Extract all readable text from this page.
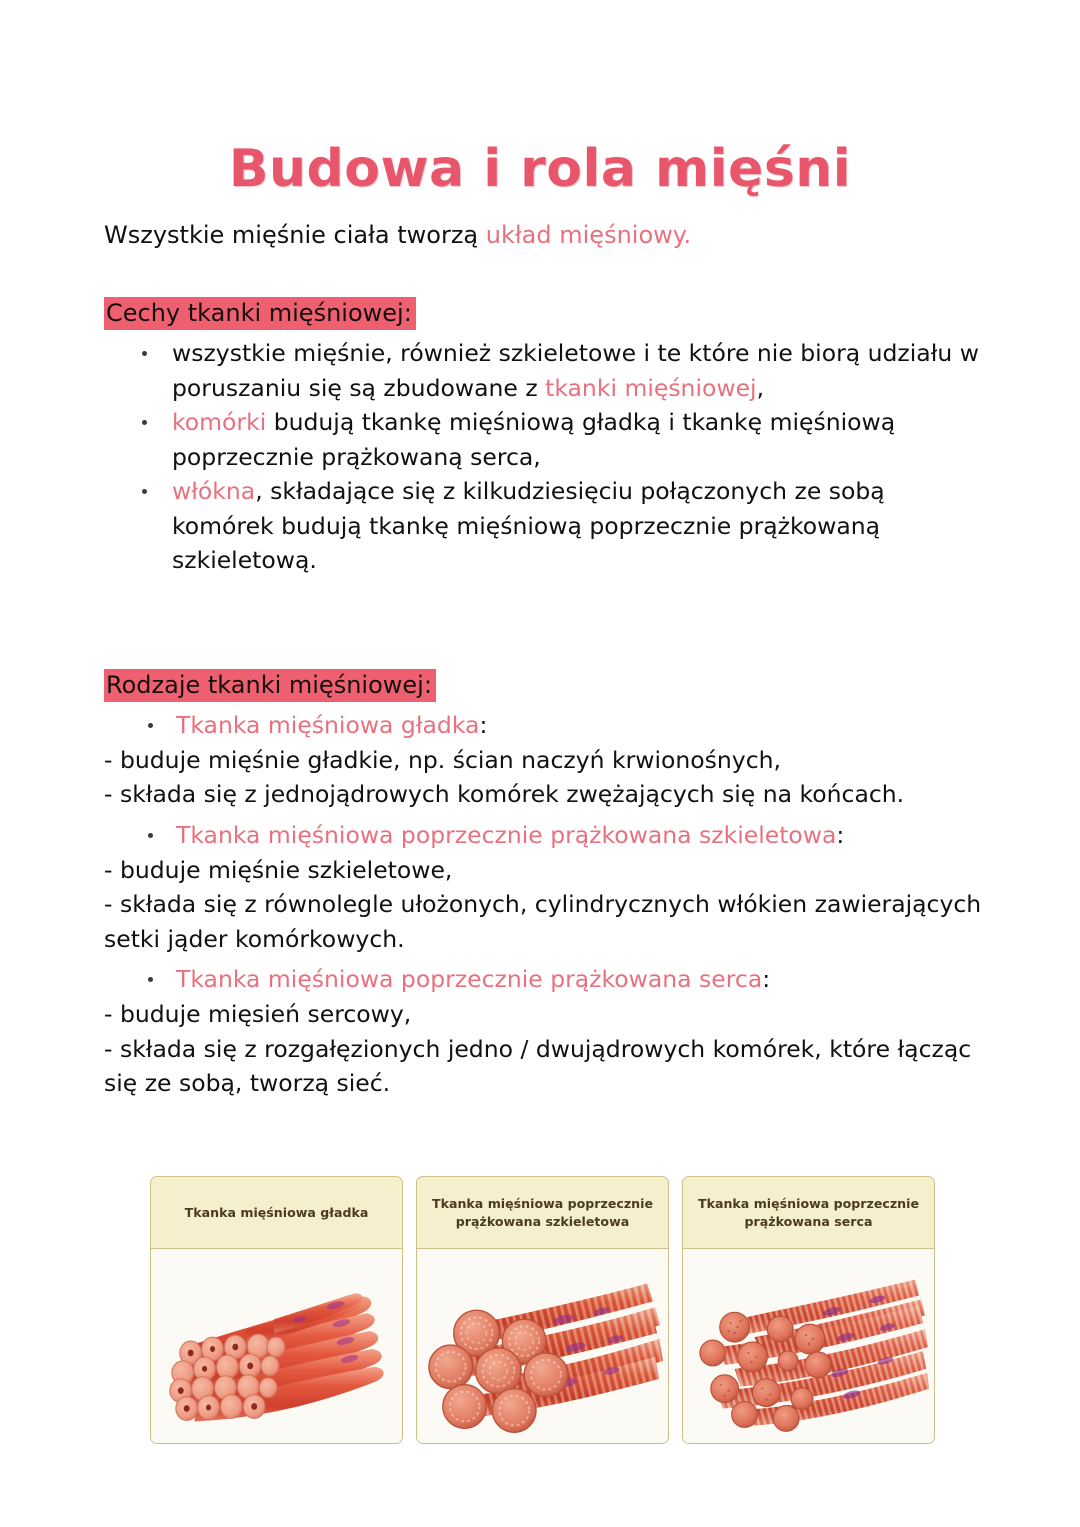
Budowa i rola mięśni

Wszystkie mięśnie ciała tworzą układ mięśniowy.

Cechy tkanki mięśniowej:

wszystkie mięśnie, również szkieletowe i te które nie biorą udziału w poruszaniu się są zbudowane z tkanki mięśniowej,
komórki budują tkankę mięśniową gładką i tkankę mięśniową poprzecznie prążkowaną serca,
włókna, składające się z kilkudziesięciu połączonych ze sobą komórek budują tkankę mięśniową poprzecznie prążkowaną szkieletową.

Rodzaje tkanki mięśniowej:

Tkanka mięśniowa gładka:

- buduje mięśnie gładkie, np. ścian naczyń krwionośnych,

- składa się z jednojądrowych komórek zwężających się na końcach.

Tkanka mięśniowa poprzecznie prążkowana szkieletowa:

- buduje mięśnie szkieletowe,

- składa się z równolegle ułożonych, cylindrycznych włókien zawierających setki jąder komórkowych.

Tkanka mięśniowa poprzecznie prążkowana serca:

- buduje mięsień sercowy,

- składa się z rozgałęzionych jedno / dwujądrowych komórek, które łącząc się ze sobą, tworzą sieć.

Tkanka mięśniowa gładka
Tkanka mięśniowa poprzecznie prążkowana szkieletowa
Tkanka mięśniowa poprzecznie prążkowana serca
